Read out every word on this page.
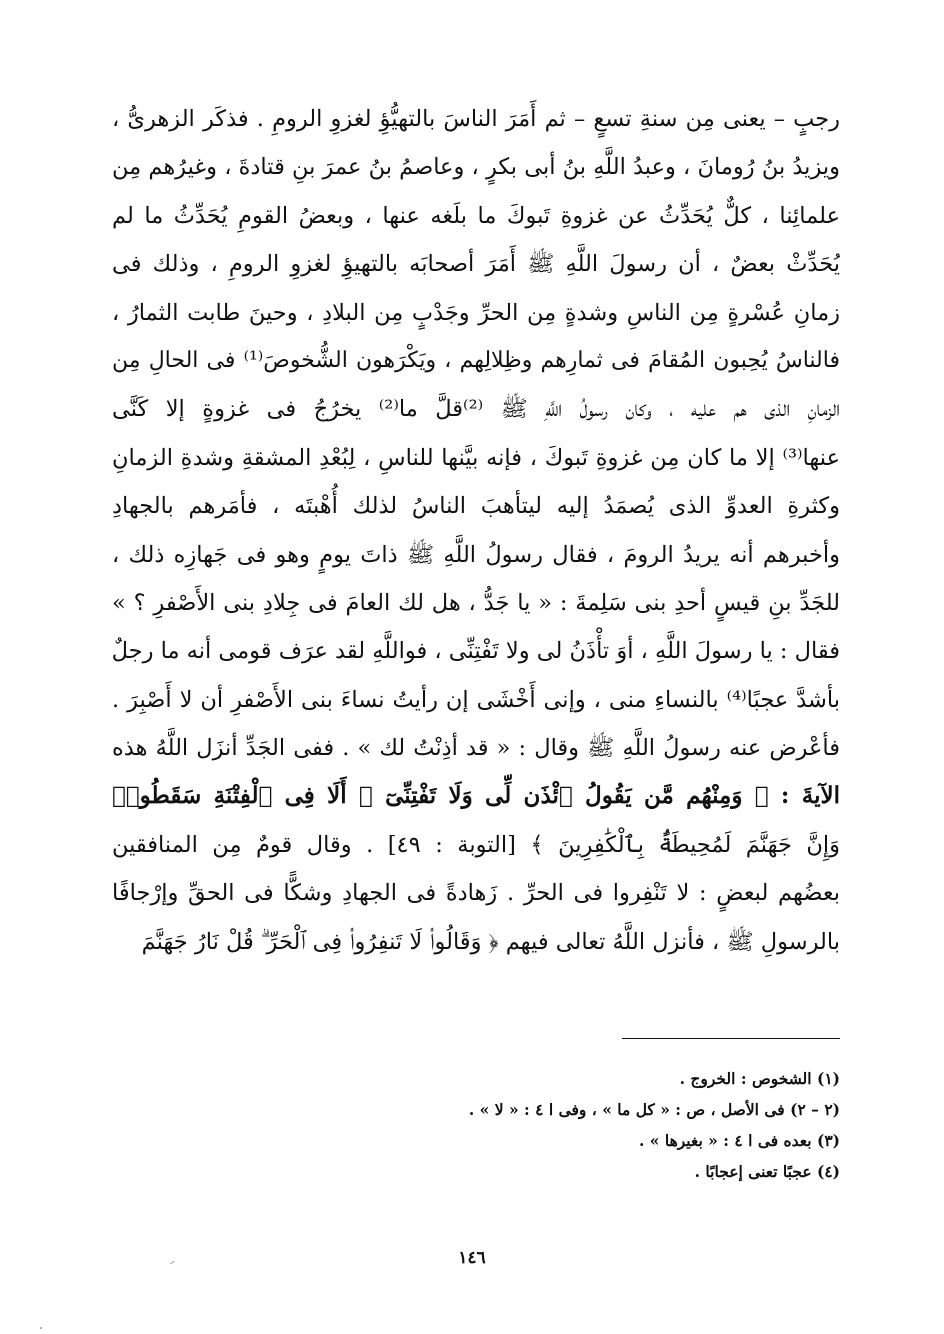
رجبٍ – يعنى مِن سنةِ تسعٍ – ثم أَمَرَ الناسَ بالتهيُّؤِ لغزوِ الرومِ . فذكَر الزهرىُّ ،
ويزيدُ بنُ رُومانَ ، وعبدُ اللَّهِ بنُ أبى بكرٍ ، وعاصمُ بنُ عمرَ بنِ قتادةَ ، وغيرُهم مِن
علمائِنا ، كلٌّ يُحَدِّثُ عن غزوةِ تَبوكَ ما بلَغه عنها ، وبعضُ القومِ يُحَدِّثُ ما لم
يُحَدِّثْ بعضٌ ، أن رسولَ اللَّهِ ﷺ أَمَرَ أصحابَه بالتهيؤِ لغزوِ الرومِ ، وذلك فى
زمانِ عُسْرةٍ مِن الناسِ وشدةٍ مِن الحرِّ وجَدْبٍ مِن البلادِ ، وحينَ طابت الثمارُ ،
فالناسُ يُحِبون المُقامَ فى ثمارِهم وظِلالِهم ، ويَكْرَهون الشُّخوصَ⁽¹⁾ فى الحالِ مِن
الزمانِ الذى هم عليه ، وكان رسولُ اللَّهِ ﷺ ⁽²⁾قلَّ ما⁽²⁾ يخرُجُ فى غزوةٍ إلا كَنَّى
عنها⁽³⁾ إلا ما كان مِن غزوةِ تَبوكَ ، فإنه بيَّنها للناسِ ، لِبُعْدِ المشقةِ وشدةِ الزمانِ
وكثرةِ العدوِّ الذى يُصمَدُ إليه ليتأهبَ الناسُ لذلك أُهْبتَه ، فأمَرهم بالجهادِ
وأخبرهم أنه يريدُ الرومَ ، فقال رسولُ اللَّهِ ﷺ ذاتَ يومٍ وهو فى جَهازِه ذلك ،
للجَدِّ بنِ قيسٍ أحدِ بنى سَلِمةَ : « يا جَدُّ ، هل لك العامَ فى جِلادِ بنى الأَصْفرِ ؟ »
فقال : يا رسولَ اللَّهِ ، أوَ تأْذَنُ لى ولا تَفْتِنِّى ، فواللَّهِ لقد عرَف قومى أنه ما رجلٌ
بأشدَّ عجبًا⁽⁴⁾ بالنساءِ منى ، وإنى أَخْشَى إن رأيتُ نساءَ بنى الأَصْفرِ أن لا أَصْبِرَ .
فأعْرض عنه رسولُ اللَّهِ ﷺ وقال : « قد أذِنْتُ لك » . ففى الجَدِّ أنزَل اللَّهُ هذه
الآيةَ : ﴿ وَمِنْهُم مَّن يَقُولُ ٱئْذَن لِّى وَلَا تَفْتِنِّىٓ ۚ أَلَا فِى ٱلْفِتْنَةِ سَقَطُوا۟
وَإِنَّ جَهَنَّمَ لَمُحِيطَةٌۢ بِٱلْكَٰفِرِينَ ﴾ [التوبة : ٤٩] . وقال قومٌ مِن المنافقين
بعضُهم لبعضٍ : لا تَنْفِروا فى الحرِّ . زَهادةً فى الجهادِ وشكًّا فى الحقِّ وإرْجافًا
بالرسولِ ﷺ ، فأنزل اللَّهُ تعالى فيهم ﴿ وَقَالُوا۟ لَا تَنفِرُوا۟ فِى ٱلْحَرِّ ۗ قُلْ نَارُ جَهَنَّمَ
(١) الشخوص : الخروج .
(٢ – ٢) فى الأصل ، ص : « كل ما » ، وفى ا ٤ : « لا » .
(٣) بعده فى ا ٤ : « بغيرها » .
(٤) عجبًا تعنى إعجابًا .
١٤٦
